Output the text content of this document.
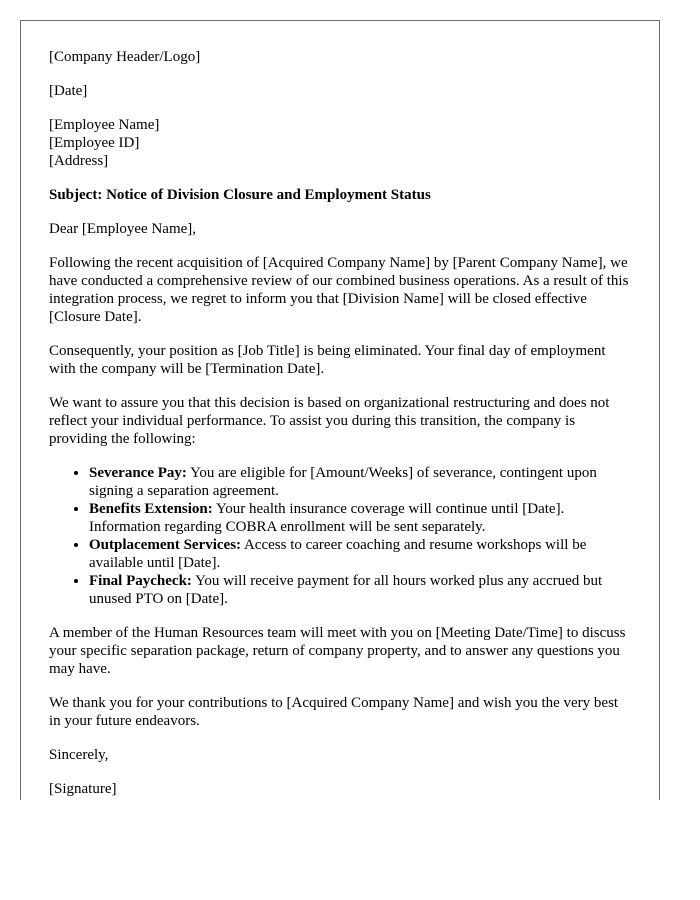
[Company Header/Logo]

[Date]

[Employee Name]
[Employee ID]
[Address]

Subject: Notice of Division Closure and Employment Status

Dear [Employee Name],

Following the recent acquisition of [Acquired Company Name] by [Parent Company Name], we have conducted a comprehensive review of our combined business operations. As a result of this integration process, we regret to inform you that [Division Name] will be closed effective [Closure Date].

Consequently, your position as [Job Title] is being eliminated. Your final day of employment with the company will be [Termination Date].

We want to assure you that this decision is based on organizational restructuring and does not reflect your individual performance. To assist you during this transition, the company is providing the following:

• Severance Pay: You are eligible for [Amount/Weeks] of severance, contingent upon signing a separation agreement.
• Benefits Extension: Your health insurance coverage will continue until [Date]. Information regarding COBRA enrollment will be sent separately.
• Outplacement Services: Access to career coaching and resume workshops will be available until [Date].
• Final Paycheck: You will receive payment for all hours worked plus any accrued but unused PTO on [Date].

A member of the Human Resources team will meet with you on [Meeting Date/Time] to discuss your specific separation package, return of company property, and to answer any questions you may have.

We thank you for your contributions to [Acquired Company Name] and wish you the very best in your future endeavors.

Sincerely,

[Signature]
